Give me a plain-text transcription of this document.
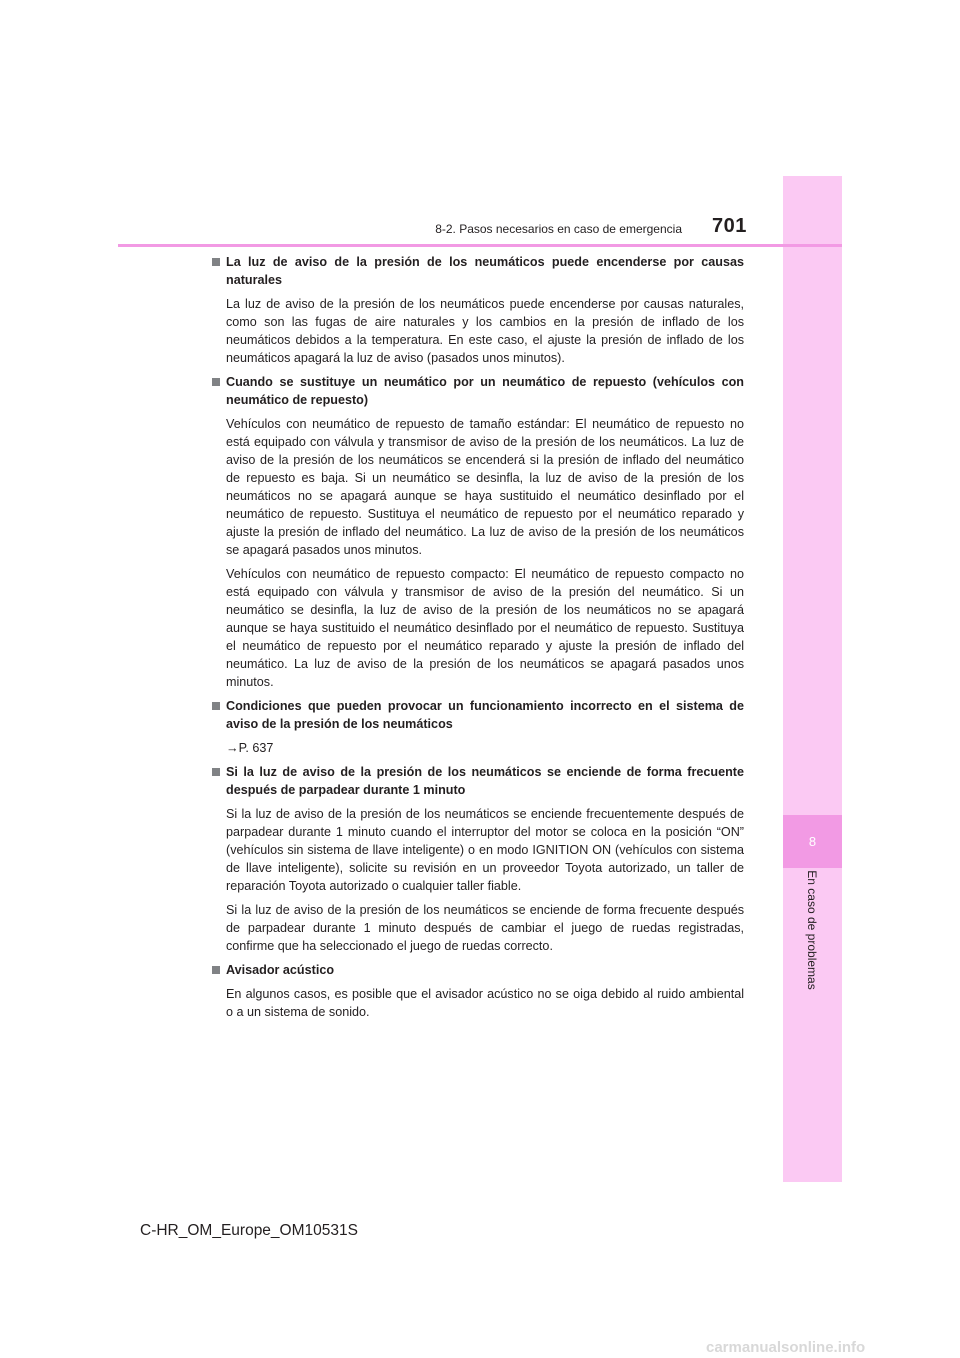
8
En caso de problemas
8-2. Pasos necesarios en caso de emergencia 701

La luz de aviso de la presión de los neumáticos puede encenderse por causas naturales

La luz de aviso de la presión de los neumáticos puede encenderse por causas naturales, como son las fugas de aire naturales y los cambios en la presión de inflado de los neumáticos debidos a la temperatura. En este caso, el ajuste la presión de inflado de los neumáticos apagará la luz de aviso (pasados unos minutos).

Cuando se sustituye un neumático por un neumático de repuesto (vehículos con neumático de repuesto)

Vehículos con neumático de repuesto de tamaño estándar: El neumático de repuesto no está equipado con válvula y transmisor de aviso de la presión de los neumáticos. La luz de aviso de la presión de los neumáticos se encenderá si la presión de inflado del neumático de repuesto es baja. Si un neumático se desinfla, la luz de aviso de la presión de los neumáticos no se apagará aunque se haya sustituido el neumático desinflado por el neumático de repuesto. Sustituya el neumático de repuesto por el neumático reparado y ajuste la presión de inflado del neumático. La luz de aviso de la presión de los neumáticos se apagará pasados unos minutos.

Vehículos con neumático de repuesto compacto: El neumático de repuesto compacto no está equipado con válvula y transmisor de aviso de la presión del neumático. Si un neumático se desinfla, la luz de aviso de la presión de los neumáticos no se apagará aunque se haya sustituido el neumático desinflado por el neumático de repuesto. Sustituya el neumático de repuesto por el neumático reparado y ajuste la presión de inflado del neumático. La luz de aviso de la presión de los neumáticos se apagará pasados unos minutos.

Condiciones que pueden provocar un funcionamiento incorrecto en el sistema de aviso de la presión de los neumáticos

→P. 637

Si la luz de aviso de la presión de los neumáticos se enciende de forma frecuente después de parpadear durante 1 minuto

Si la luz de aviso de la presión de los neumáticos se enciende frecuentemente después de parpadear durante 1 minuto cuando el interruptor del motor se coloca en la posición “ON” (vehículos sin sistema de llave inteligente) o en modo IGNITION ON (vehículos con sistema de llave inteligente), solicite su revisión en un proveedor Toyota autorizado, un taller de reparación Toyota autorizado o cualquier taller fiable.

Si la luz de aviso de la presión de los neumáticos se enciende de forma frecuente después de parpadear durante 1 minuto después de cambiar el juego de ruedas registradas, confirme que ha seleccionado el juego de ruedas correcto.

Avisador acústico

En algunos casos, es posible que el avisador acústico no se oiga debido al ruido ambiental o a un sistema de sonido.

C-HR_OM_Europe_OM10531S
carmanualsonline.info
